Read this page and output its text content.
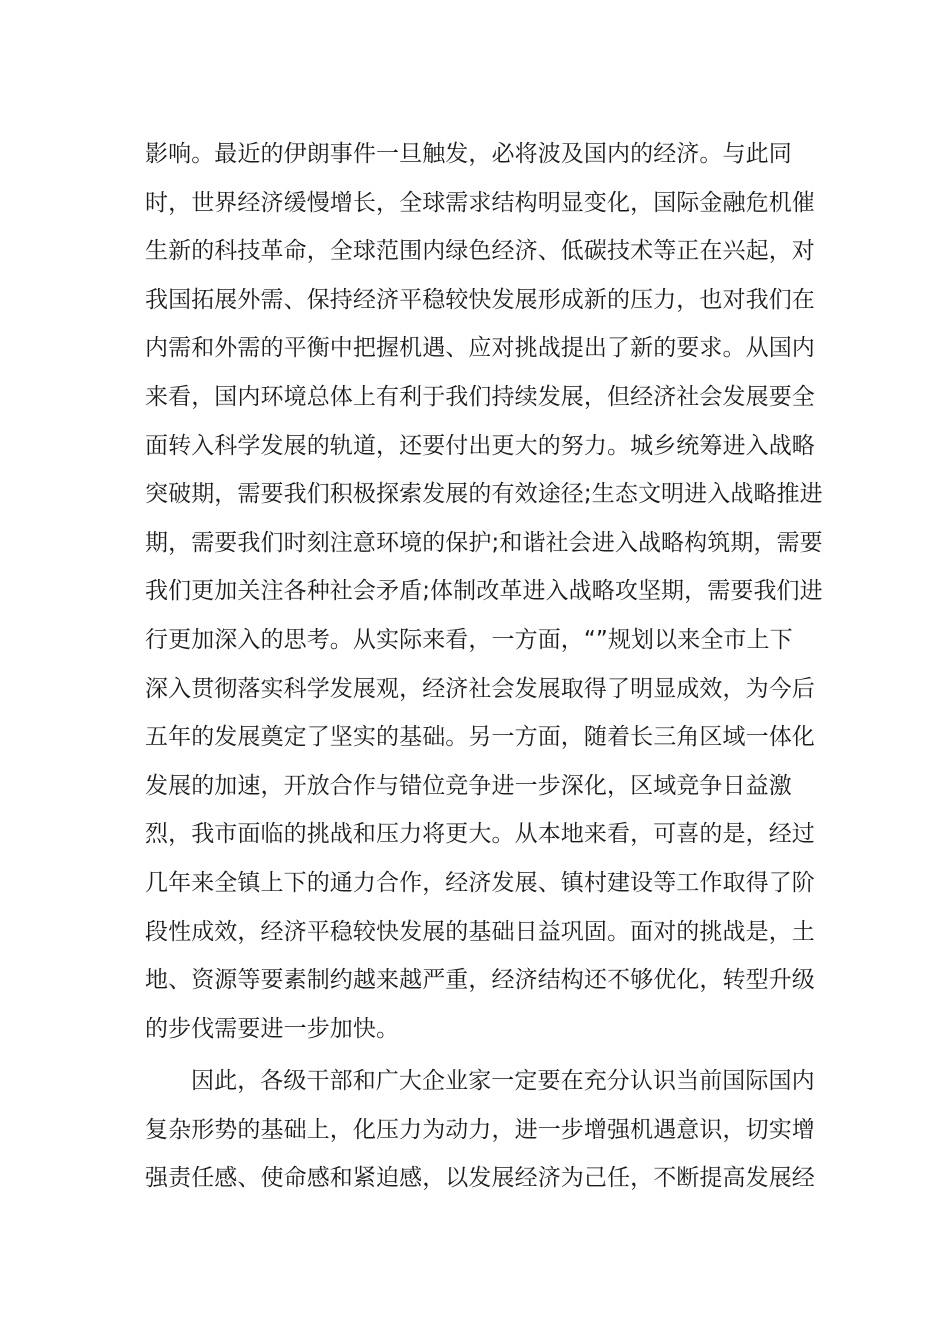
影响。最近的伊朗事件一旦触发，必将波及国内的经济。与此同
时，世界经济缓慢增长，全球需求结构明显变化，国际金融危机催
生新的科技革命，全球范围内绿色经济、低碳技术等正在兴起，对
我国拓展外需、保持经济平稳较快发展形成新的压力，也对我们在
内需和外需的平衡中把握机遇、应对挑战提出了新的要求。从国内
来看，国内环境总体上有利于我们持续发展，但经济社会发展要全
面转入科学发展的轨道，还要付出更大的努力。城乡统筹进入战略
突破期，需要我们积极探索发展的有效途径;生态文明进入战略推进
期，需要我们时刻注意环境的保护;和谐社会进入战略构筑期，需要
我们更加关注各种社会矛盾;体制改革进入战略攻坚期，需要我们进
行更加深入的思考。从实际来看，一方面，“”规划以来全市上下
深入贯彻落实科学发展观，经济社会发展取得了明显成效，为今后
五年的发展奠定了坚实的基础。另一方面，随着长三角区域一体化
发展的加速，开放合作与错位竞争进一步深化，区域竞争日益激
烈，我市面临的挑战和压力将更大。从本地来看，可喜的是，经过
几年来全镇上下的通力合作，经济发展、镇村建设等工作取得了阶
段性成效，经济平稳较快发展的基础日益巩固。面对的挑战是，土
地、资源等要素制约越来越严重，经济结构还不够优化，转型升级
的步伐需要进一步加快。
因此，各级干部和广大企业家一定要在充分认识当前国际国内
复杂形势的基础上，化压力为动力，进一步增强机遇意识，切实增
强责任感、使命感和紧迫感，以发展经济为己任，不断提高发展经
